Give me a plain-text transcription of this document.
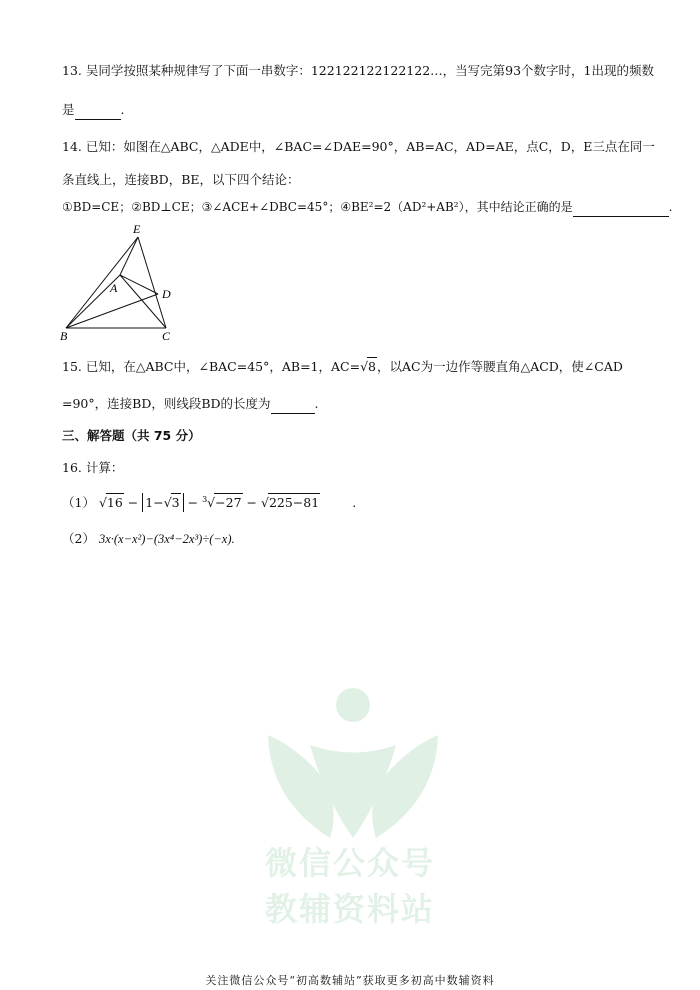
微信公众号
教辅资料站
13. 吴同学按照某种规律写了下面一串数字：122122122122122…，当写完第93个数字时，1出现的频数
是	.
14. 已知：如图在△ABC，△ADE中，∠BAC=∠DAE=90°，AB=AC，AD=AE，点C，D，E三点在同一
条直线上，连接BD，BE，以下四个结论：
①BD=CE；②BD⊥CE；③∠ACE+∠DBC=45°；④BE²=2（AD²+AB²），其中结论正确的是	.
E
A	D
B	C
15. 已知，在△ABC中，∠BAC=45°，AB=1，AC=√8，以AC为一边作等腰直角△ACD，使∠CAD
=90°，连接BD，则线段BD的长度为	.
三、解答题（共 75 分）
16. 计算：
（1） √16 − 1−√3 − $^3$√−27 − √225−81	.
（2） 3x·(x−x²)−(3x⁴−2x³)÷(−x).
关注微信公众号“初高数辅站”获取更多初高中数辅资料
